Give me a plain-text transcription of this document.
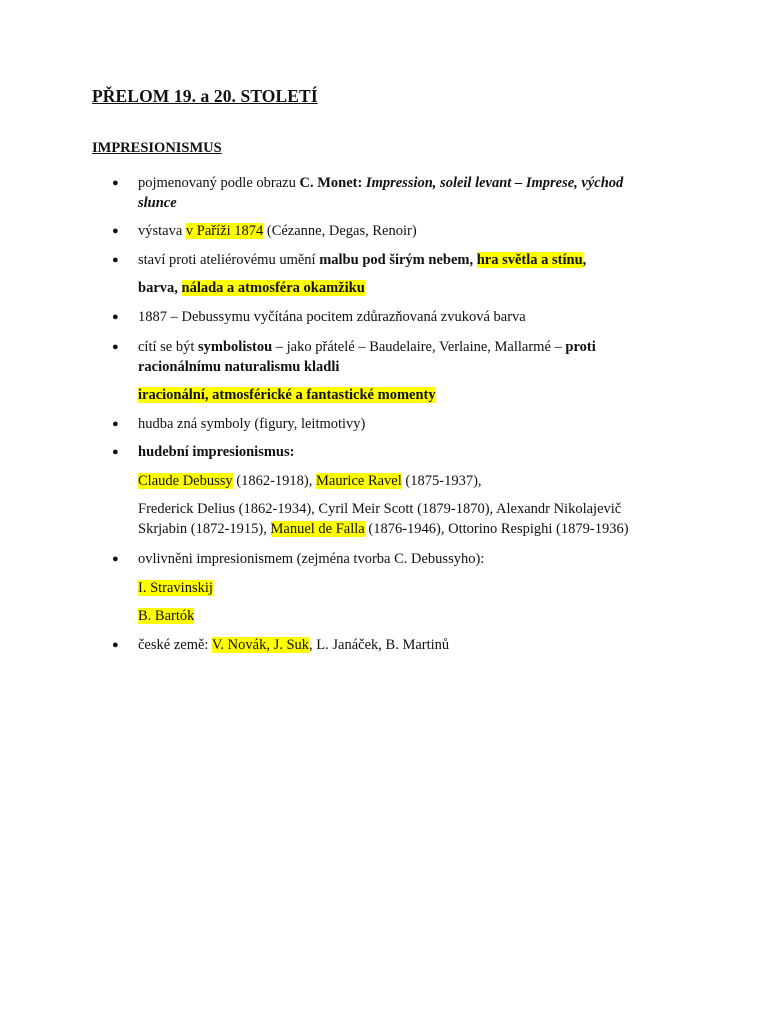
PŘELOM 19. a 20. STOLETÍ
IMPRESIONISMUS
● pojmenovaný podle obrazu C. Monet: Impression, soleil levant – Imprese, východ
slunce
● výstava v Paříži 1874 (Cézanne, Degas, Renoir)
● staví proti ateliérovému umění malbu pod širým nebem, hra světla a stínu,
barva, nálada a atmosféra okamžiku
● 1887 – Debussymu vyčítána pocitem zdůrazňovaná zvuková barva
● cítí se být symbolistou – jako přátelé – Baudelaire, Verlaine, Mallarmé – proti
racionálnímu naturalismu kladli
iracionální, atmosférické a fantastické momenty
● hudba zná symboly (figury, leitmotivy)
● hudební impresionismus:
Claude Debussy (1862-1918), Maurice Ravel (1875-1937),
Frederick Delius (1862-1934), Cyril Meir Scott (1879-1870), Alexandr Nikolajevič
Skrjabin (1872-1915), Manuel de Falla (1876-1946), Ottorino Respighi (1879-1936)
● ovlivněni impresionismem (zejména tvorba C. Debussyho):
I. Stravinskij
B. Bartók
● české země: V. Novák, J. Suk, L. Janáček, B. Martinů
